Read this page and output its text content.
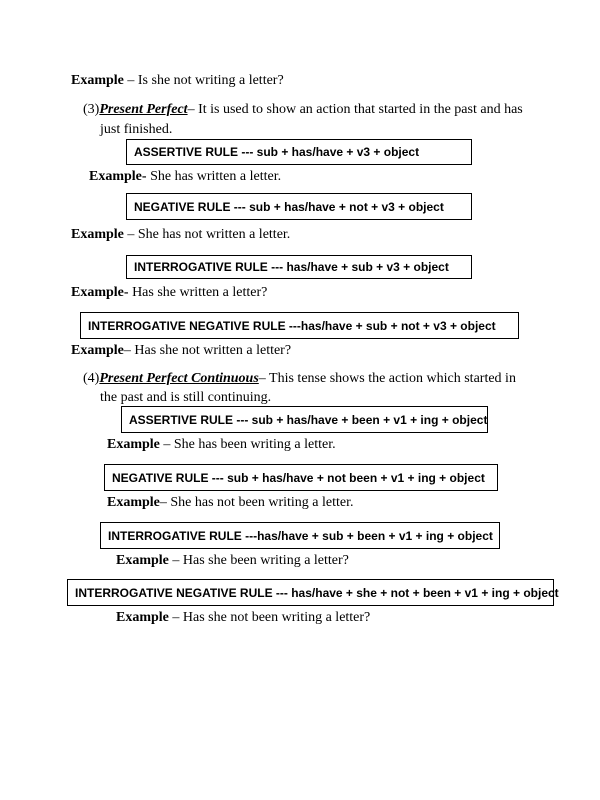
Example – Is she not writing a letter?
(3)Present Perfect– It is used to show an action that started in the past and has
just finished.
ASSERTIVE RULE --- sub + has/have + v3 + object
Example- She has written a letter.
NEGATIVE RULE --- sub + has/have + not + v3 + object
Example – She has not written a letter.
INTERROGATIVE RULE --- has/have + sub + v3 + object
Example- Has she written a letter?
INTERROGATIVE NEGATIVE RULE ---has/have + sub + not + v3 + object
Example– Has she not written a letter?
(4)Present Perfect Continuous– This tense shows the action which started in
the past and is still continuing.
ASSERTIVE RULE --- sub + has/have + been + v1 + ing + object
Example – She has been writing a letter.
NEGATIVE RULE --- sub + has/have + not been + v1 + ing + object
Example– She has not been writing a letter.
INTERROGATIVE RULE ---has/have + sub + been + v1 + ing + object
Example – Has she been writing a letter?
INTERROGATIVE NEGATIVE RULE --- has/have + she + not + been + v1 + ing + object
Example – Has she not been writing a letter?
